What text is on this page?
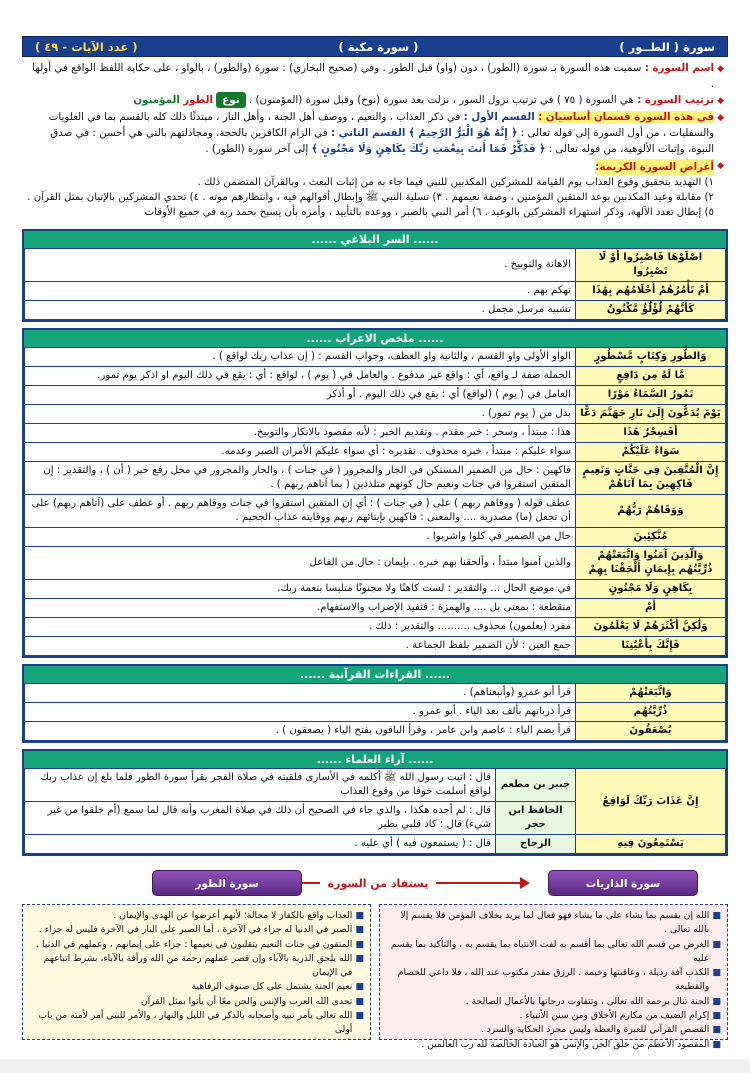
سورة ( الطــور )
( سورة مكية )
( عدد الآيات - ٤٩ )
◆
اسم السورة : سميت هذه السورة بـ سورة (الطور) ، دون (واو) قبل الطور . وفي (صحيح البخاري) : سورة (والطور) ، بالواو ، على حكاية اللفظ الواقع في أولها .
◆
ترتيب السورة : هي السورة ( ٧٥ ) في ترتيب نزول السور ، نزلت بعد سورة (نوح) وقبل سورة (المؤمنون) . نوع الطور المؤمنون
◆
في هذه السورة قسمان أساسيان : القسم الأول : في ذكر العذاب ، والنعيم ، ووصف أهل الجنة ، وأهل النار ، مبتدئًا ذلك كله بالقسم بما في العلويات والسفليات ، من أول السورة إلى قوله تعالى : ﴿ إِنَّهُ هُوَ الْبَرُّ الرَّحِيمُ ﴾ القسم الثاني : في الزام الكافرين بالحجة، ومجادلتهم بالتي هي أحسن : في صدق النبوة، وإثبات الألوهية، من قوله تعالى : ﴿ فَذَكِّرْ فَمَا أَنتَ بِنِعْمَتِ رَبِّكَ بِكَاهِنٍ وَلَا مَجْنُونٍ ﴾ إلى آخر سورة (الطور) .
◆
أغراض السورة الكريمة:
١) التهديد بتحقيق وقوع العذاب يوم القيامة للمشركين المكذبين للنبي فيما جاء به من إثبات البعث ، وبالقرآن المتضمن ذلك .
٢) مقابلة وعيد المكذبين بوعد المتقين المؤمنين ، وصفة نعيمهم . ٣) تسلية النبي ﷺ وإبطال أقوالهم فيه ، وانتظارهم موته . ٤) تحدي المشركين بالإتيان بمثل القرآن .
٥) إبطال تعدد الآلهة، وذكر استهزاء المشركين بالوعيد . ٦) أمر النبي بالصبر ، ووعده بالتأييد ، وأمره بأن يسبح بحمد ربه في جميع الأوقات
...... السر البلاغي ......
اصْلَوْهَا فَاصْبِرُوا أَوْ لَا تَصْبِرُوا	الاهانة والتوبيخ .
أَمْ تَأْمُرُهُمْ أَحْلَامُهُم بِهَٰذَا	تهكم بهم .
كَأَنَّهُمْ لُؤْلُؤٌ مَّكْنُونٌ	تشبيه مرسل مجمل .
...... ملخص الاعراب ......
وَالطُّورِ وَكِتَابٍ مَّسْطُورٍ	الواو الأولى واو القسم ، والثانية واو العطف، وجواب القسم : ( إن عذاب ربك لواقع ) .
مَّا لَهُ مِن دَافِعٍ	الجملة صفة لـ واقع، أي : واقع غير مدفوع . والعامل في ( يوم ) ، لواقع : أي : يقع في ذلك اليوم او اذكر يوم تمور.
تَمُورُ السَّمَاءُ مَوْرًا	العامل في ( يوم ) (لواقع) أي : يقع في ذلك اليوم . أو أذكر
يَوْمَ يُدَعُّونَ إِلَىٰ نَارِ جَهَنَّمَ دَعًّا	بدل من ( يوم تمور) .
أَفَسِحْرٌ هَٰذَا	هذا : مبتدأ ، وسحر : خبر مقدم . وتقديم الخبر : لأنه مقصود بالانكار والتوبيخ.
سَوَاءٌ عَلَيْكُمْ	سواء عليكم : مبتدأ ، خبره محذوف . تقديره : أي سواء عليكم الأمران الصبر وعدمه.
إِنَّ الْمُتَّقِينَ فِي جَنَّاتٍ وَنَعِيمٍ فَاكِهِينَ بِمَا آتَاهُمْ	فاكهين : حال من الضمير المستكن في الجار والمجرور ( في جنات ) ، والجار والمجرور في محل رفع خبر ( أن ) ، والتقدير : إن المتقين استقروا في جنات ونعيم حال كونهم متلذذين ( بما آتاهم ربهم ) .
وَوَقَاهُمْ رَبُّهُمْ	عطف قوله ( ووقاهم ربهم ) على ( في جنات ) : أي إن المتقين استقروا في جنات ووقاهم ربهم . أو عطف على (آتاهم ربهم) على أن تجعل (ما) مصدرية .... والمعنى : فاكهين بإيتائهم ربهم ووقايته عذاب الجحيم .
مُتَّكِئِينَ	حال من الضمير في كلوا واشربوا .
وَالَّذِينَ آمَنُوا وَاتَّبَعَتْهُمْ ذُرِّيَّتُهُم بِإِيمَانٍ أَلْحَقْنَا بِهِمْ	والذين آمنوا مبتدأ ، وألحقنا بهم خبره . بإيمان : حال من الفاعل
بِكَاهِنٍ وَلَا مَجْنُونٍ	في موضع الحال ... والتقدير : لست كاهنًا ولا مجنونًا متلبسا بنعمة ربك.
أَمْ	منقطعة : بمعنى بل .... والهمزة : فتفيد الإضراب والاستفهام.
وَلَٰكِنَّ أَكْثَرَهُمْ لَا يَعْلَمُونَ	مفرد (يعلمون) محذوف .......... والتقدير : ذلك .
فَإِنَّكَ بِأَعْيُنِنَا	جمع العين : لأن الضمير بلفظ الجماعة .
...... القراءات القرآنية ......
وَاتَّبَعَتْهُمْ	قرأ أبو عمرو (وأتبعناهم) .
ذُرِّيَّتُهُم	قرأ ذرياتهم بألف بعد الياء . أبو عمرو .
يُصْعَقُونَ	قرأ بضم الياء : عاصم وابن عامر ، وقرأ الباقون بفتح الياء ( يصعقون ) .
...... آراء العلماء ......
إِنَّ عَذَابَ رَبِّكَ لَوَاقِعٌ	جبير بن مطعم	قال : اتيت رسول الله ﷺ أكلمه في الأسارى فلقيته في صلاة الفجر يقرأ سورة الطور فلما بلغ إن عذاب ربك لواقع أسلمت خوفا من وقوع العذاب
	الحافظ ابن حجر	قال : لم أجده هكذا ، والذي جاء في الصحيح أن ذلك في صلاة المغرب وأنه قال لما سمع (أم خلقوا من غير شيء) قال : كاد قلبي يطير
يَسْتَمِعُونَ فِيهِ	الزجاج	قال : ( يستمعون فيه ) أي عليه .
سورة الذاريات
يستفاد من السورة
سورة الطور
■
الله إن يقسم بما يشاء على ما يشاء فهو فعال لما يريد بخلاف المؤمن فلا يقسم إلا بالله تعالى .
■
الغرض من قسم الله تعالى بما أقسم به لفت الانتباه بما يقسم به ، والتأكيد بما يقسم عليه
■
الكذب آفة رذيلة ، وعاقبتها وخيمة . الرزق مقدر مكتوب عند الله ، فلا داعي للخصام والقطيعة
■
الجنة تنال برحمة الله تعالى ، وتتفاوت درجاتها بالأعمال الصالحة .
■
إكرام الضيف من مكارم الأخلاق ومن سنن الأنبياء .
■
القصص القرآني للعبرة والعظة وليس مجرد الحكاية والسرد .
■
المقصود الأعظم من خلق الجن والإنس هو العبادة الخالصة لله رب العالمين .
■
العذاب واقع بالكفار لا محالة؛ لأنهم أعرضوا عن الهدى والإيمان .
■
الصبر في الدنيا له جزاء في الآخرة ، أما الصبر على النار في الآخرة فليس له جزاء .
■
المتقون في جنات النعيم يتقلبون في نعيمها : جزاء على إيمانهم ، وعملهم في الدنيا .
■
الله يلحق الذرية بالآباء وإن قصر عملهم رحمة من الله ورأفة بالآباء، بشرط اتباعهم في الإيمان
■
نعيم الجنة يشتمل على كل صنوف الرفاهية
■
تحدى الله العرب والإنس والجن معًا أن يأتوا بمثل القرآن
■
الله تعالى يأمر نبيه وأصحابه بالذكر في الليل والنهار ، والأمر للنبي أمر لأمته من باب أولى
